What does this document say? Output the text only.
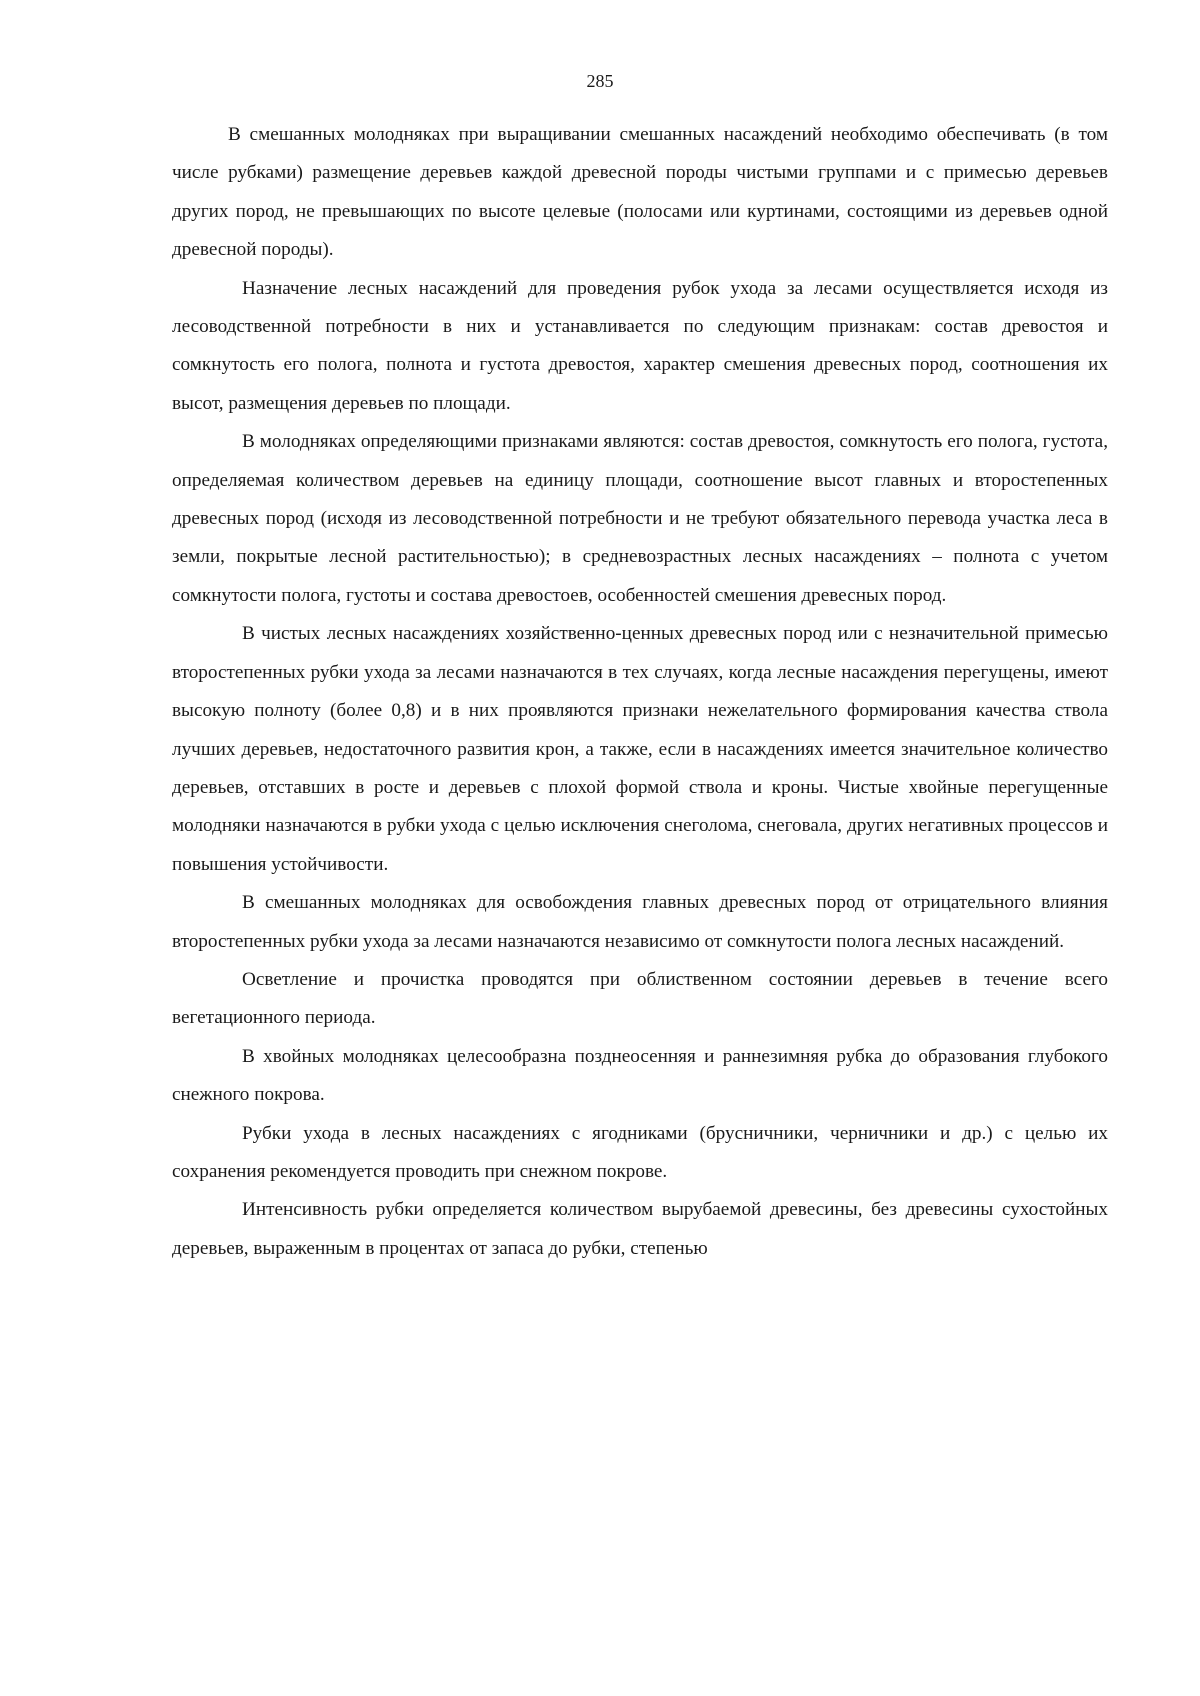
285

В смешанных молодняках при выращивании смешанных насаждений необходимо обеспечивать (в том числе рубками) размещение деревьев каждой древесной породы чистыми группами и с примесью деревьев других пород, не превышающих по высоте целевые (полосами или куртинами, состоящими из деревьев одной древесной породы).

Назначение лесных насаждений для проведения рубок ухода за лесами осуществляется исходя из лесоводственной потребности в них и устанавливается по следующим признакам: состав древостоя и сомкнутость его полога, полнота и густота древостоя, характер смешения древесных пород, соотношения их высот, размещения деревьев по площади.

В молодняках определяющими признаками являются: состав древостоя, сомкнутость его полога, густота, определяемая количеством деревьев на единицу площади, соотношение высот главных и второстепенных древесных пород (исходя из лесоводственной потребности и не требуют обязательного перевода участка леса в земли, покрытые лесной растительностью); в средневозрастных лесных насаждениях – полнота с учетом сомкнутости полога, густоты и состава древостоев, особенностей смешения древесных пород.

В чистых лесных насаждениях хозяйственно-ценных древесных пород или с незначительной примесью второстепенных рубки ухода за лесами назначаются в тех случаях, когда лесные насаждения перегущены, имеют высокую полноту (более 0,8) и в них проявляются признаки нежелательного формирования качества ствола лучших деревьев, недостаточного развития крон, а также, если в насаждениях имеется значительное количество деревьев, отставших в росте и деревьев с плохой формой ствола и кроны. Чистые хвойные перегущенные молодняки назначаются в рубки ухода с целью исключения снеголома, снеговала, других негативных процессов и повышения устойчивости.

В смешанных молодняках для освобождения главных древесных пород от отрицательного влияния второстепенных рубки ухода за лесами назначаются независимо от сомкнутости полога лесных насаждений.

Осветление и прочистка проводятся при облиственном состоянии деревьев в течение всего вегетационного периода.

В хвойных молодняках целесообразна позднеосенняя и раннезимняя рубка до образования глубокого снежного покрова.

Рубки ухода в лесных насаждениях с ягодниками (брусничники, черничники и др.) с целью их сохранения рекомендуется проводить при снежном покрове.

Интенсивность рубки определяется количеством вырубаемой древесины, без древесины сухостойных деревьев, выраженным в процентах от запаса до рубки, степенью
